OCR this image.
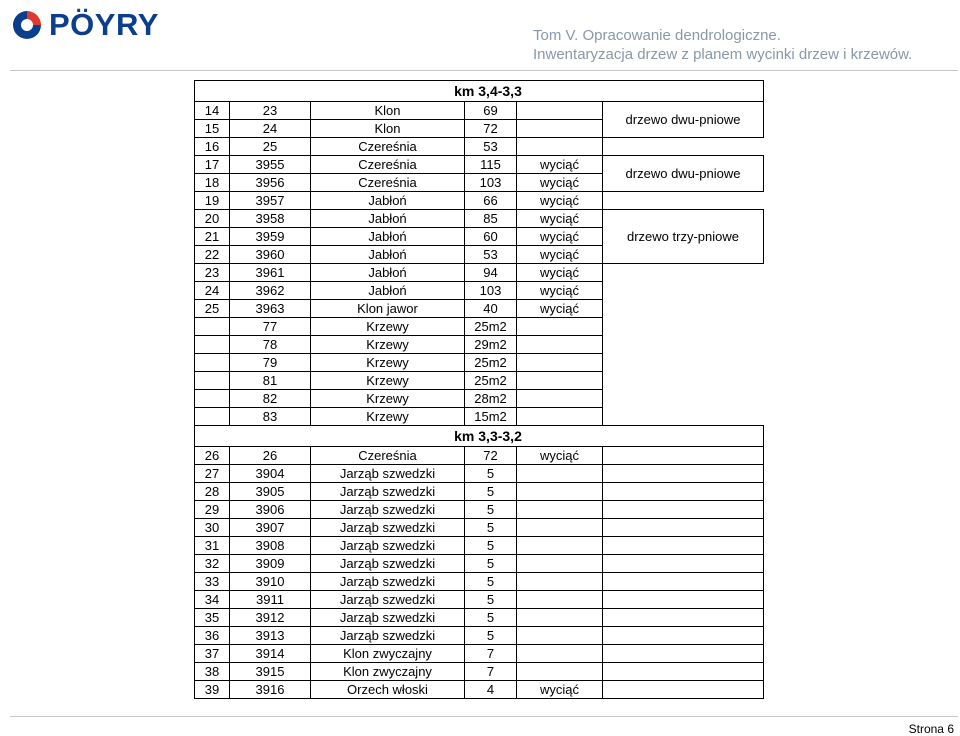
PÖYRY	Tom V. Opracowanie dendrologiczne.
Inwentaryzacja drzew z planem wycinki drzew i krzewów.
km 3,4-3,3					
14	23	Klon	69		drzewo dwu-pniowe
15	24	Klon	72		
16	25	Czereśnia	53		
17	3955	Czereśnia	115	wyciąć	drzewo dwu-pniowe
18	3956	Czereśnia	103	wyciąć	
19	3957	Jabłoń	66	wyciąć	
20	3958	Jabłoń	85	wyciąć	drzewo trzy-pniowe
21	3959	Jabłoń	60	wyciąć	
22	3960	Jabłoń	53	wyciąć	
23	3961	Jabłoń	94	wyciąć	
24	3962	Jabłoń	103	wyciąć	
25	3963	Klon jawor	40	wyciąć	
	77	Krzewy	25m2		
	78	Krzewy	29m2		
	79	Krzewy	25m2		
	81	Krzewy	25m2		
	82	Krzewy	28m2		
	83	Krzewy	15m2		
km 3,3-3,2					
26	26	Czereśnia	72	wyciąć	
27	3904	Jarząb szwedzki	5		
28	3905	Jarząb szwedzki	5		
29	3906	Jarząb szwedzki	5		
30	3907	Jarząb szwedzki	5		
31	3908	Jarząb szwedzki	5		
32	3909	Jarząb szwedzki	5		
33	3910	Jarząb szwedzki	5		
34	3911	Jarząb szwedzki	5		
35	3912	Jarząb szwedzki	5		
36	3913	Jarząb szwedzki	5		
37	3914	Klon zwyczajny	7		
38	3915	Klon zwyczajny	7		
39	3916	Orzech włoski	4	wyciąć	
Strona 6
